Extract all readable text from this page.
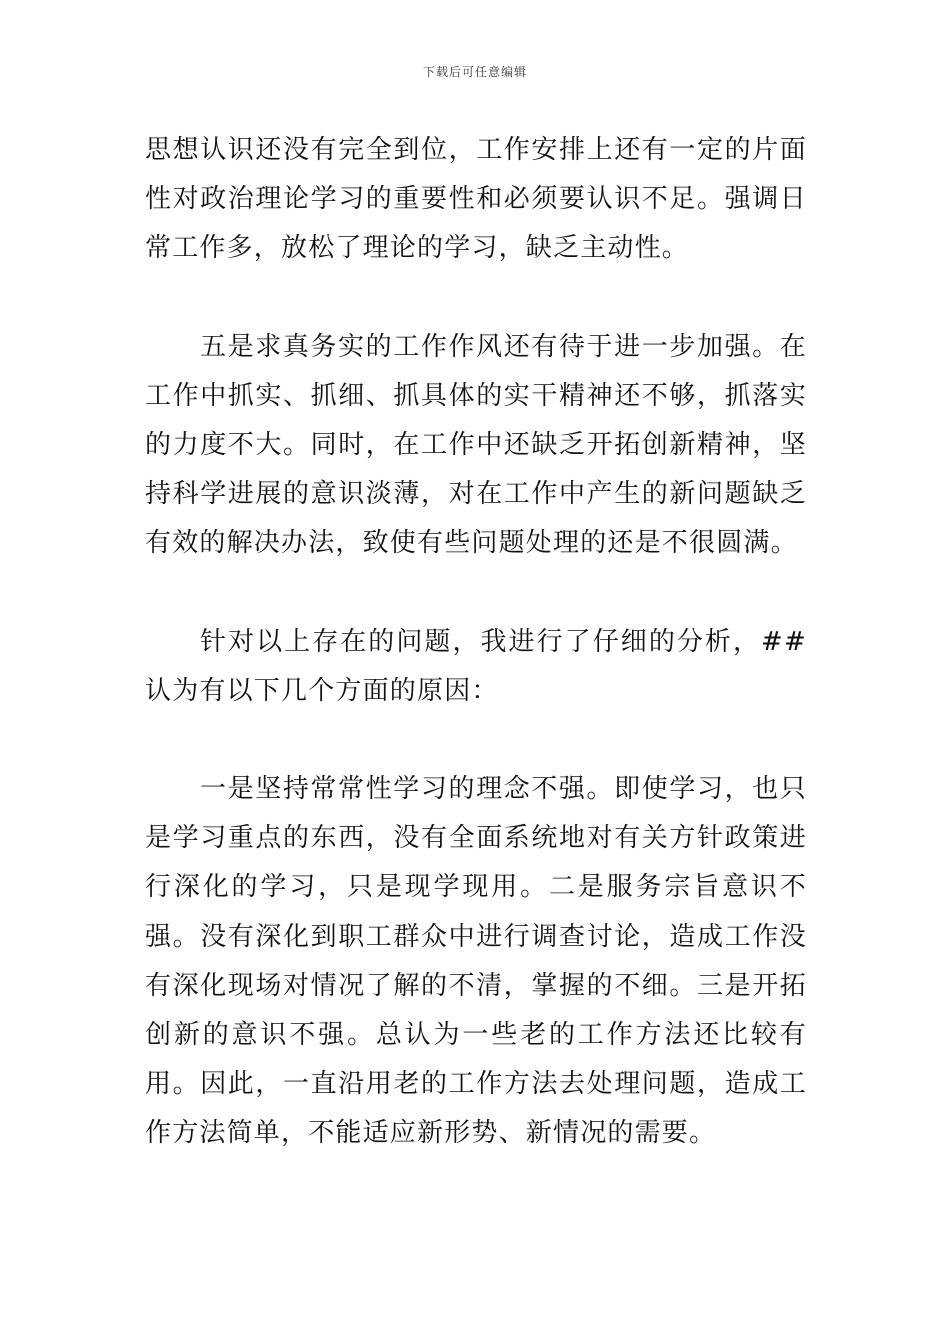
下载后可任意编辑

思想认识还没有完全到位，工作安排上还有一定的片面性对政治理论学习的重要性和必须要认识不足。强调日常工作多，放松了理论的学习，缺乏主动性。

五是求真务实的工作作风还有待于进一步加强。在工作中抓实、抓细、抓具体的实干精神还不够，抓落实的力度不大。同时，在工作中还缺乏开拓创新精神，坚持科学进展的意识淡薄，对在工作中产生的新问题缺乏有效的解决办法，致使有些问题处理的还是不很圆满。

针对以上存在的问题，我进行了仔细的分析，##认为有以下几个方面的原因：

一是坚持常常性学习的理念不强。即使学习，也只是学习重点的东西，没有全面系统地对有关方针政策进行深化的学习，只是现学现用。二是服务宗旨意识不强。没有深化到职工群众中进行调查讨论，造成工作没有深化现场对情况了解的不清，掌握的不细。三是开拓创新的意识不强。总认为一些老的工作方法还比较有用。因此，一直沿用老的工作方法去处理问题，造成工作方法简单，不能适应新形势、新情况的需要。
